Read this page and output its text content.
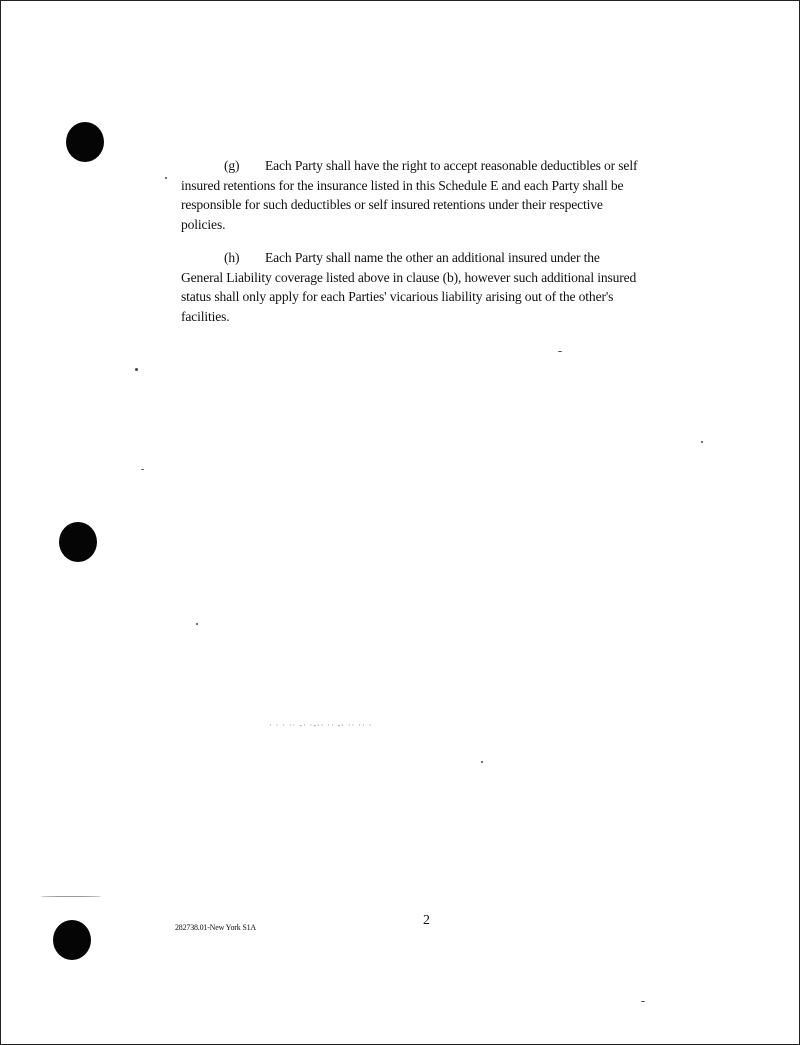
(g) Each Party shall have the right to accept reasonable deductibles or self
insured retentions for the insurance listed in this Schedule E and each Party shall be
responsible for such deductibles or self insured retentions under their respective
policies.

(h) Each Party shall name the other an additional insured under the
General Liability coverage listed above in clause (b), however such additional insured
status shall only apply for each Parties' vicarious liability arising out of the other's
facilities.

· · · ·· -· ·-·· ·· -· ·· ·· ·
282738.01-New York S1A	2
